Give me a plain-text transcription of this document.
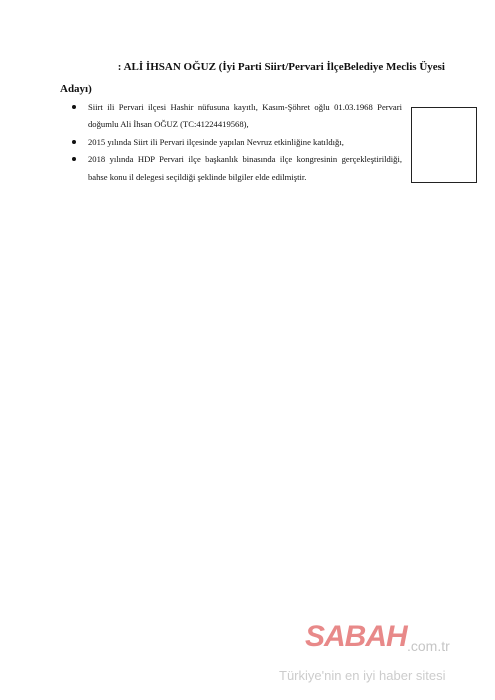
: ALİ İHSAN OĞUZ (İyi Parti Siirt/Pervari İlçeBelediye Meclis Üyesi
Adayı)
Siirt ili Pervari ilçesi Hashir nüfusuna kayıtlı, Kasım-Şöhret oğlu 01.03.1968 Pervari doğumlu Ali İhsan OĞUZ (TC:41224419568),
2015 yılında Siirt ili Pervari ilçesinde yapılan Nevruz etkinliğine katıldığı,
2018 yılında HDP Pervari ilçe başkanlık binasında ilçe kongresinin gerçekleştirildiği, bahse konu il delegesi seçildiği şeklinde bilgiler elde edilmiştir.
SABAH .com.tr
Türkiye'nin en iyi haber sitesi
